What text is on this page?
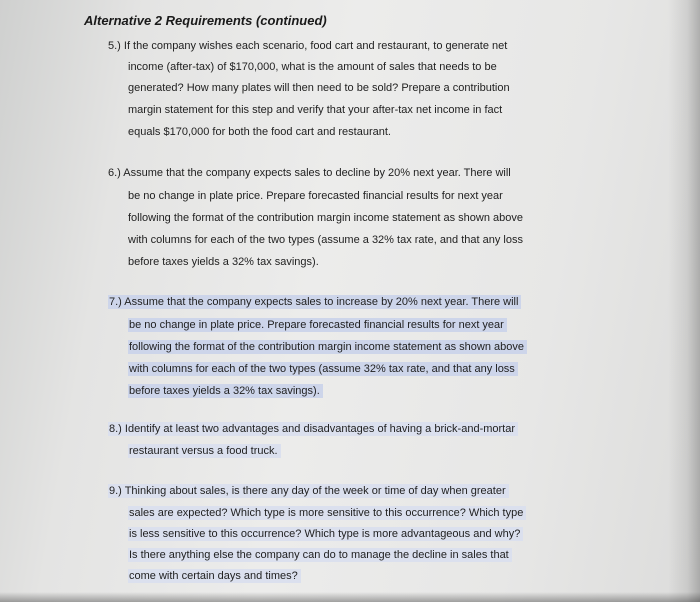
Alternative 2 Requirements (continued)

5.) If the company wishes each scenario, food cart and restaurant, to generate net
income (after-tax) of $170,000, what is the amount of sales that needs to be
generated? How many plates will then need to be sold? Prepare a contribution
margin statement for this step and verify that your after-tax net income in fact
equals $170,000 for both the food cart and restaurant.
6.) Assume that the company expects sales to decline by 20% next year. There will
be no change in plate price. Prepare forecasted financial results for next year
following the format of the contribution margin income statement as shown above
with columns for each of the two types (assume a 32% tax rate, and that any loss
before taxes yields a 32% tax savings).
7.) Assume that the company expects sales to increase by 20% next year. There will
be no change in plate price. Prepare forecasted financial results for next year
following the format of the contribution margin income statement as shown above
with columns for each of the two types (assume 32% tax rate, and that any loss
before taxes yields a 32% tax savings).
8.) Identify at least two advantages and disadvantages of having a brick-and-mortar
restaurant versus a food truck.
9.) Thinking about sales, is there any day of the week or time of day when greater
sales are expected? Which type is more sensitive to this occurrence? Which type
is less sensitive to this occurrence? Which type is more advantageous and why?
Is there anything else the company can do to manage the decline in sales that
come with certain days and times?
